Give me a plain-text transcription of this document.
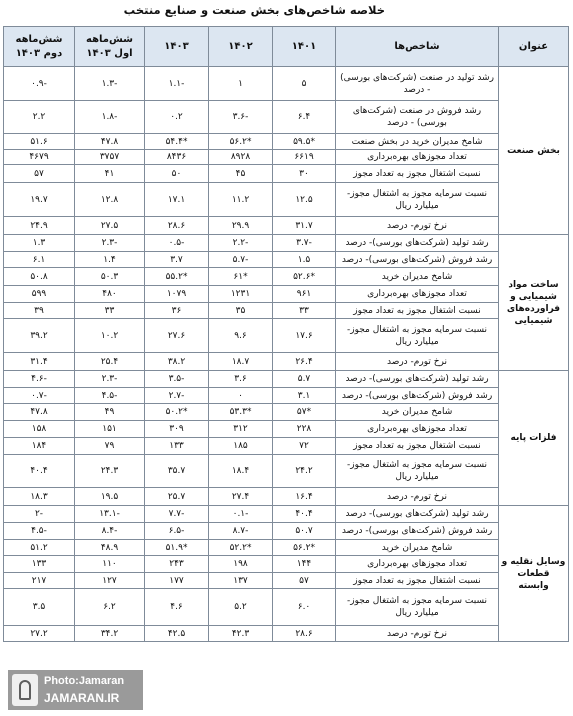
خلاصه شاخص‌های بخش صنعت و صنایع منتخب
عنوان	شاخص‌ها	۱۴۰۱	۱۴۰۲	۱۴۰۳	شش‌ماهه اول ۱۴۰۳	شش‌ماهه دوم ۱۴۰۳
بخش صنعت	رشد تولید در صنعت (شرکت‌های بورسی) - درصد	۵	۱	-۱.۱	-۱.۳	-۰.۹
	رشد فروش در صنعت (شرکت‌های بورسی) - درصد	۶.۴	-۳.۶	۰.۲	-۱.۸	۲.۲
	شامخ مدیران خرید در بخش صنعت	*۵۹.۵	*۵۶.۲	*۵۴.۴	۴۷.۸	۵۱.۶
	تعداد مجوزهای بهره‌برداری	۶۶۱۹	۸۹۲۸	۸۴۳۶	۳۷۵۷	۴۶۷۹
	نسبت اشتغال مجوز به تعداد مجوز	۳۰	۴۵	۵۰	۴۱	۵۷
	نسبت سرمایه مجوز به اشتغال مجوز- میلیارد ریال	۱۲.۵	۱۱.۲	۱۷.۱	۱۲.۸	۱۹.۷
	نرخ تورم- درصد	۳۱.۷	۲۹.۹	۲۸.۶	۲۷.۵	۲۴.۹
ساخت مواد شیمیایی و فراورده‌های شیمیایی	رشد تولید (شرکت‌های بورسی)- درصد	-۳.۷	-۲.۲	-۰.۵	-۲.۳	۱.۳
	رشد فروش (شرکت‌های بورسی)- درصد	۱.۵	-۵.۷	۳.۷	۱.۴	۶.۱
	شامخ مدیران خرید	*۵۲.۶	*۶۱	*۵۵.۲	۵۰.۳	۵۰.۸
	تعداد مجوزهای بهره‌برداری	۹۶۱	۱۲۳۱	۱۰۷۹	۴۸۰	۵۹۹
	نسبت اشتغال مجوز به تعداد مجوز	۳۳	۳۵	۳۶	۳۳	۳۹
	نسبت سرمایه مجوز به اشتغال مجوز- میلیارد ریال	۱۷.۶	۹.۶	۲۷.۶	۱۰.۲	۳۹.۲
	نرخ تورم- درصد	۲۶.۴	۱۸.۷	۳۸.۲	۲۵.۴	۳۱.۴
فلزات پایه	رشد تولید (شرکت‌های بورسی)- درصد	۵.۷	۳.۶	-۳.۵	-۲.۳	-۴.۶
	رشد فروش (شرکت‌های بورسی)- درصد	۳.۱	۰	-۲.۷	-۴.۵	-۰.۷
	شامخ مدیران خرید	*۵۷	*۵۳.۳	*۵۰.۲	۴۹	۴۷.۸
	تعداد مجوزهای بهره‌برداری	۲۲۸	۳۱۲	۳۰۹	۱۵۱	۱۵۸
	نسبت اشتغال مجوز به تعداد مجوز	۷۲	۱۸۵	۱۳۳	۷۹	۱۸۴
	نسبت سرمایه مجوز به اشتغال مجوز- میلیارد ریال	۲۴.۲	۱۸.۴	۳۵.۷	۲۴.۳	۴۰.۴
	نرخ تورم- درصد	۱۶.۴	۲۷.۴	۲۵.۷	۱۹.۵	۱۸.۳
وسایل نقلیه و قطعات وابسته	رشد تولید (شرکت‌های بورسی)- درصد	۴۰.۴	-۰.۱	-۷.۷	-۱۳.۱	-۲
	رشد فروش (شرکت‌های بورسی)- درصد	۵۰.۷	-۸.۷	-۶.۵	-۸.۴	-۴.۵
	شامخ مدیران خرید	*۵۶.۲	*۵۲.۲	*۵۱.۹	۴۸.۹	۵۱.۲
	تعداد مجوزهای بهره‌برداری	۱۴۴	۱۹۸	۲۴۳	۱۱۰	۱۳۳
	نسبت اشتغال مجوز به تعداد مجوز	۵۷	۱۳۷	۱۷۷	۱۲۷	۲۱۷
	نسبت سرمایه مجوز به اشتغال مجوز- میلیارد ریال	۶.۰	۵.۲	۴.۶	۶.۲	۳.۵
	نرخ تورم- درصد	۲۸.۶	۴۲.۳	۴۲.۵	۳۴.۲	۲۷.۲
Photo:Jamaran
JAMARAN.IR
